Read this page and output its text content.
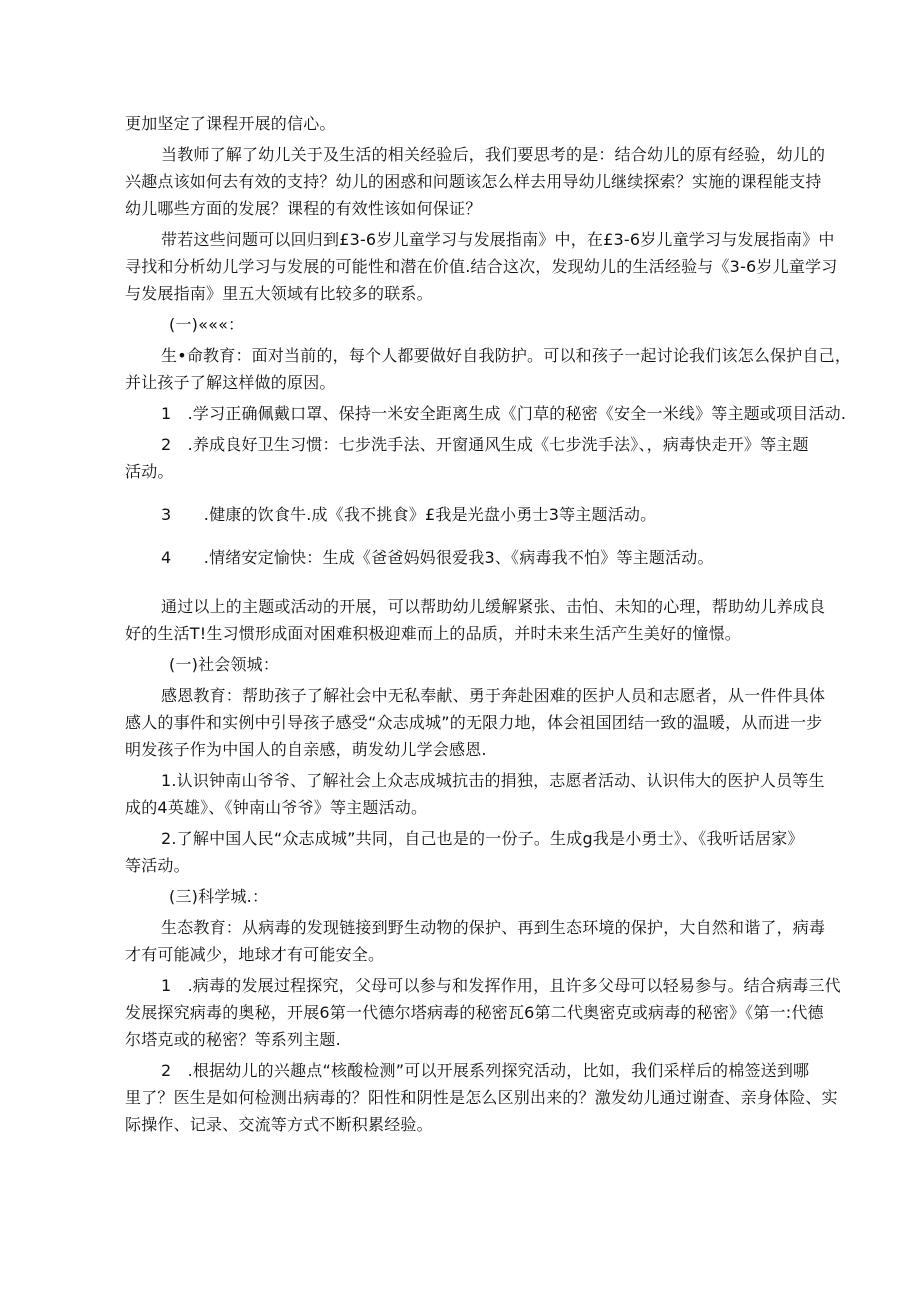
更加坚定了课程开展的信心。
当教师了解了幼儿关于及生活的相关经验后，我们要思考的是：结合幼儿的原有经验，幼儿的
兴趣点该如何去有效的支持？幼儿的困惑和问题该怎么样去用导幼儿继续探索？实施的课程能支持
幼儿哪些方面的发展？课程的有效性该如何保证？
带若这些问题可以回归到£3-6岁儿童学习与发展指南》中，在£3-6岁儿童学习与发展指南》中
寻找和分析幼儿学习与发展的可能性和潜在价值.结合这次，发现幼儿的生活经验与《3-6岁儿童学习
与发展指南》里五大领域有比较多的联系。
(一)«««：
生•命教育：面对当前的，每个人都要做好自我防护。可以和孩子一起讨论我们该怎么保护自己，
并让孩子了解这样做的原因。
1　.学习正确佩戴口罩、保持一米安全距离生成《门草的秘密《安全一米线》等主题或项目活动.
2　.养成良好卫生习惯：七步洗手法、开窗通风生成《七步洗手法》、，病毒快走开》等主题
活动。
3　　.健康的饮食牛.成《我不挑食》£我是光盘小勇士3等主题活动。
4　　.情绪安定愉快：生成《爸爸妈妈很爱我3、《病毒我不怕》等主题活动。
通过以上的主题或活动的开展，可以帮助幼儿缓解紧张、击怕、未知的心理，帮助幼儿养成良
好的生活T!生习惯形成面对困难积极迎难而上的品质，并时未来生活产生美好的憧憬。
(一)社会领城：
感恩教育：帮助孩子了解社会中无私奉献、勇于奔赴困难的医护人员和志愿者，从一件件具体
感人的事件和实例中引导孩子感受“众志成城”的无限力地，体会祖国团结一致的温暖，从而进一步
明发孩子作为中国人的自亲感，萌发幼儿学会感恩.
1.认识钟南山爷爷、了解社会上众志成城抗击的捐独，志愿者活动、认识伟大的医护人员等生
成的4英雄》、《钟南山爷爷》等主题活动。
2.了解中国人民“众志成城”共同，自己也是的一份子。生成g我是小勇士》、《我听话居家》
等活动。
(三)科学城.：
生态教育：从病毒的发现链接到野生动物的保护、再到生态环境的保护，大自然和谐了，病毒
才有可能减少，地球才有可能安全。
1　.病毒的发展过程探究，父母可以参与和发挥作用，且许多父母可以轻易参与。结合病毒三代
发展探究病毒的奥秘，开展6第一代德尔塔病毒的秘密瓦6第二代奥密克或病毒的秘密》《第一:代德
尔塔克或的秘密？等系列主题.
2　.根据幼儿的兴趣点“核酸检测”可以开展系列探究活动，比如，我们采样后的棉签送到哪
里了？医生是如何检测出病毒的？阳性和阴性是怎么区别出来的？激发幼儿通过谢查、亲身体险、实
际操作、记录、交流等方式不断积累经验。
